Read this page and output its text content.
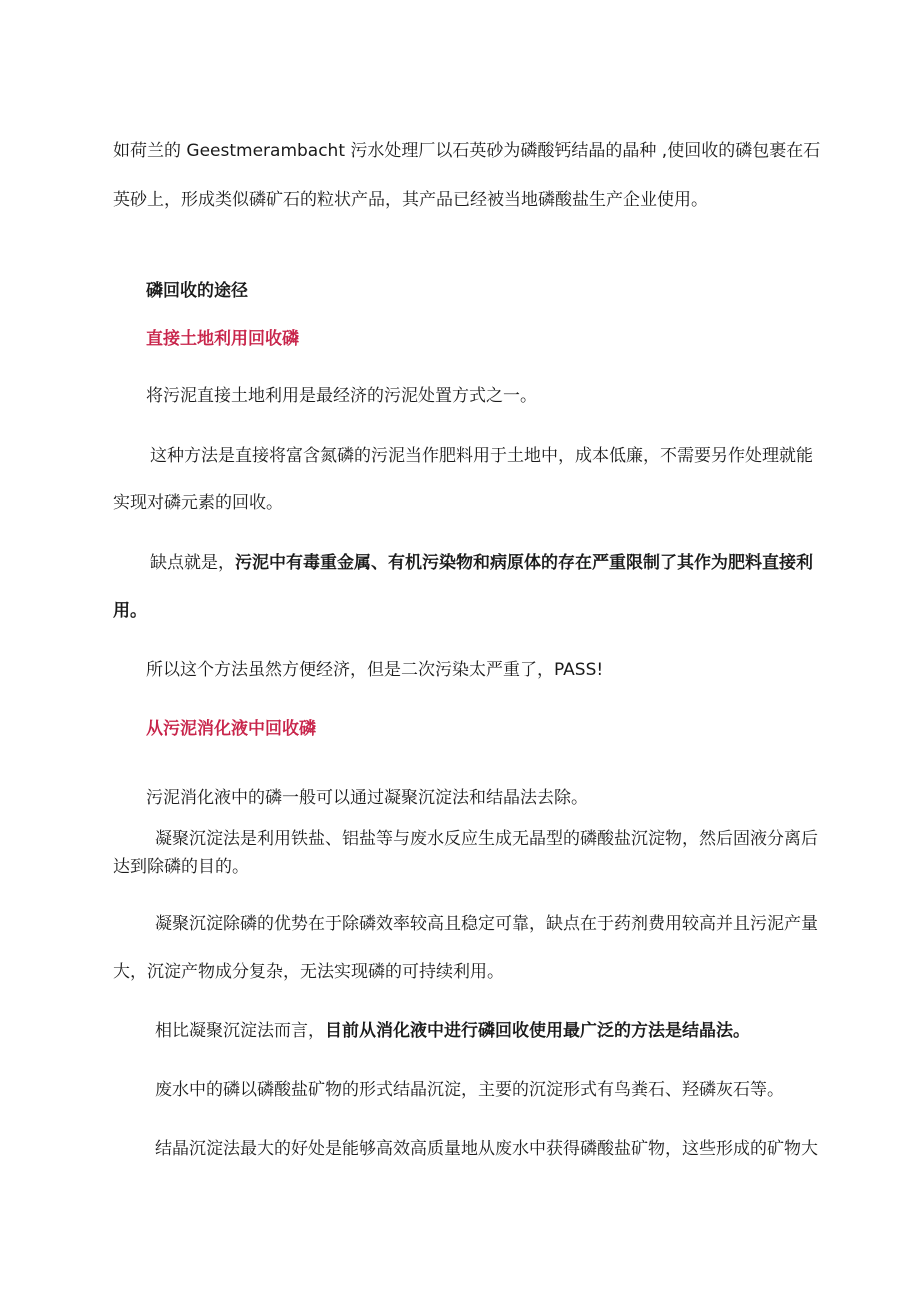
如荷兰的 Geestmerambacht 污水处理厂以石英砂为磷酸钙结晶的晶种 ,使回收的磷包裹在石
英砂上，形成类似磷矿石的粒状产品，其产品已经被当地磷酸盐生产企业使用。
磷回收的途径
直接土地利用回收磷
将污泥直接土地利用是最经济的污泥处置方式之一。
这种方法是直接将富含氮磷的污泥当作肥料用于土地中，成本低廉，不需要另作处理就能
实现对磷元素的回收。
缺点就是，污泥中有毒重金属、有机污染物和病原体的存在严重限制了其作为肥料直接利
用。
所以这个方法虽然方便经济，但是二次污染太严重了，PASS!
从污泥消化液中回收磷
污泥消化液中的磷一般可以通过凝聚沉淀法和结晶法去除。
凝聚沉淀法是利用铁盐、铝盐等与废水反应生成无晶型的磷酸盐沉淀物，然后固液分离后
达到除磷的目的。
凝聚沉淀除磷的优势在于除磷效率较高且稳定可靠，缺点在于药剂费用较高并且污泥产量
大，沉淀产物成分复杂，无法实现磷的可持续利用。
相比凝聚沉淀法而言，目前从消化液中进行磷回收使用最广泛的方法是结晶法。
废水中的磷以磷酸盐矿物的形式结晶沉淀，主要的沉淀形式有鸟粪石、羟磷灰石等。
结晶沉淀法最大的好处是能够高效高质量地从废水中获得磷酸盐矿物，这些形成的矿物大
